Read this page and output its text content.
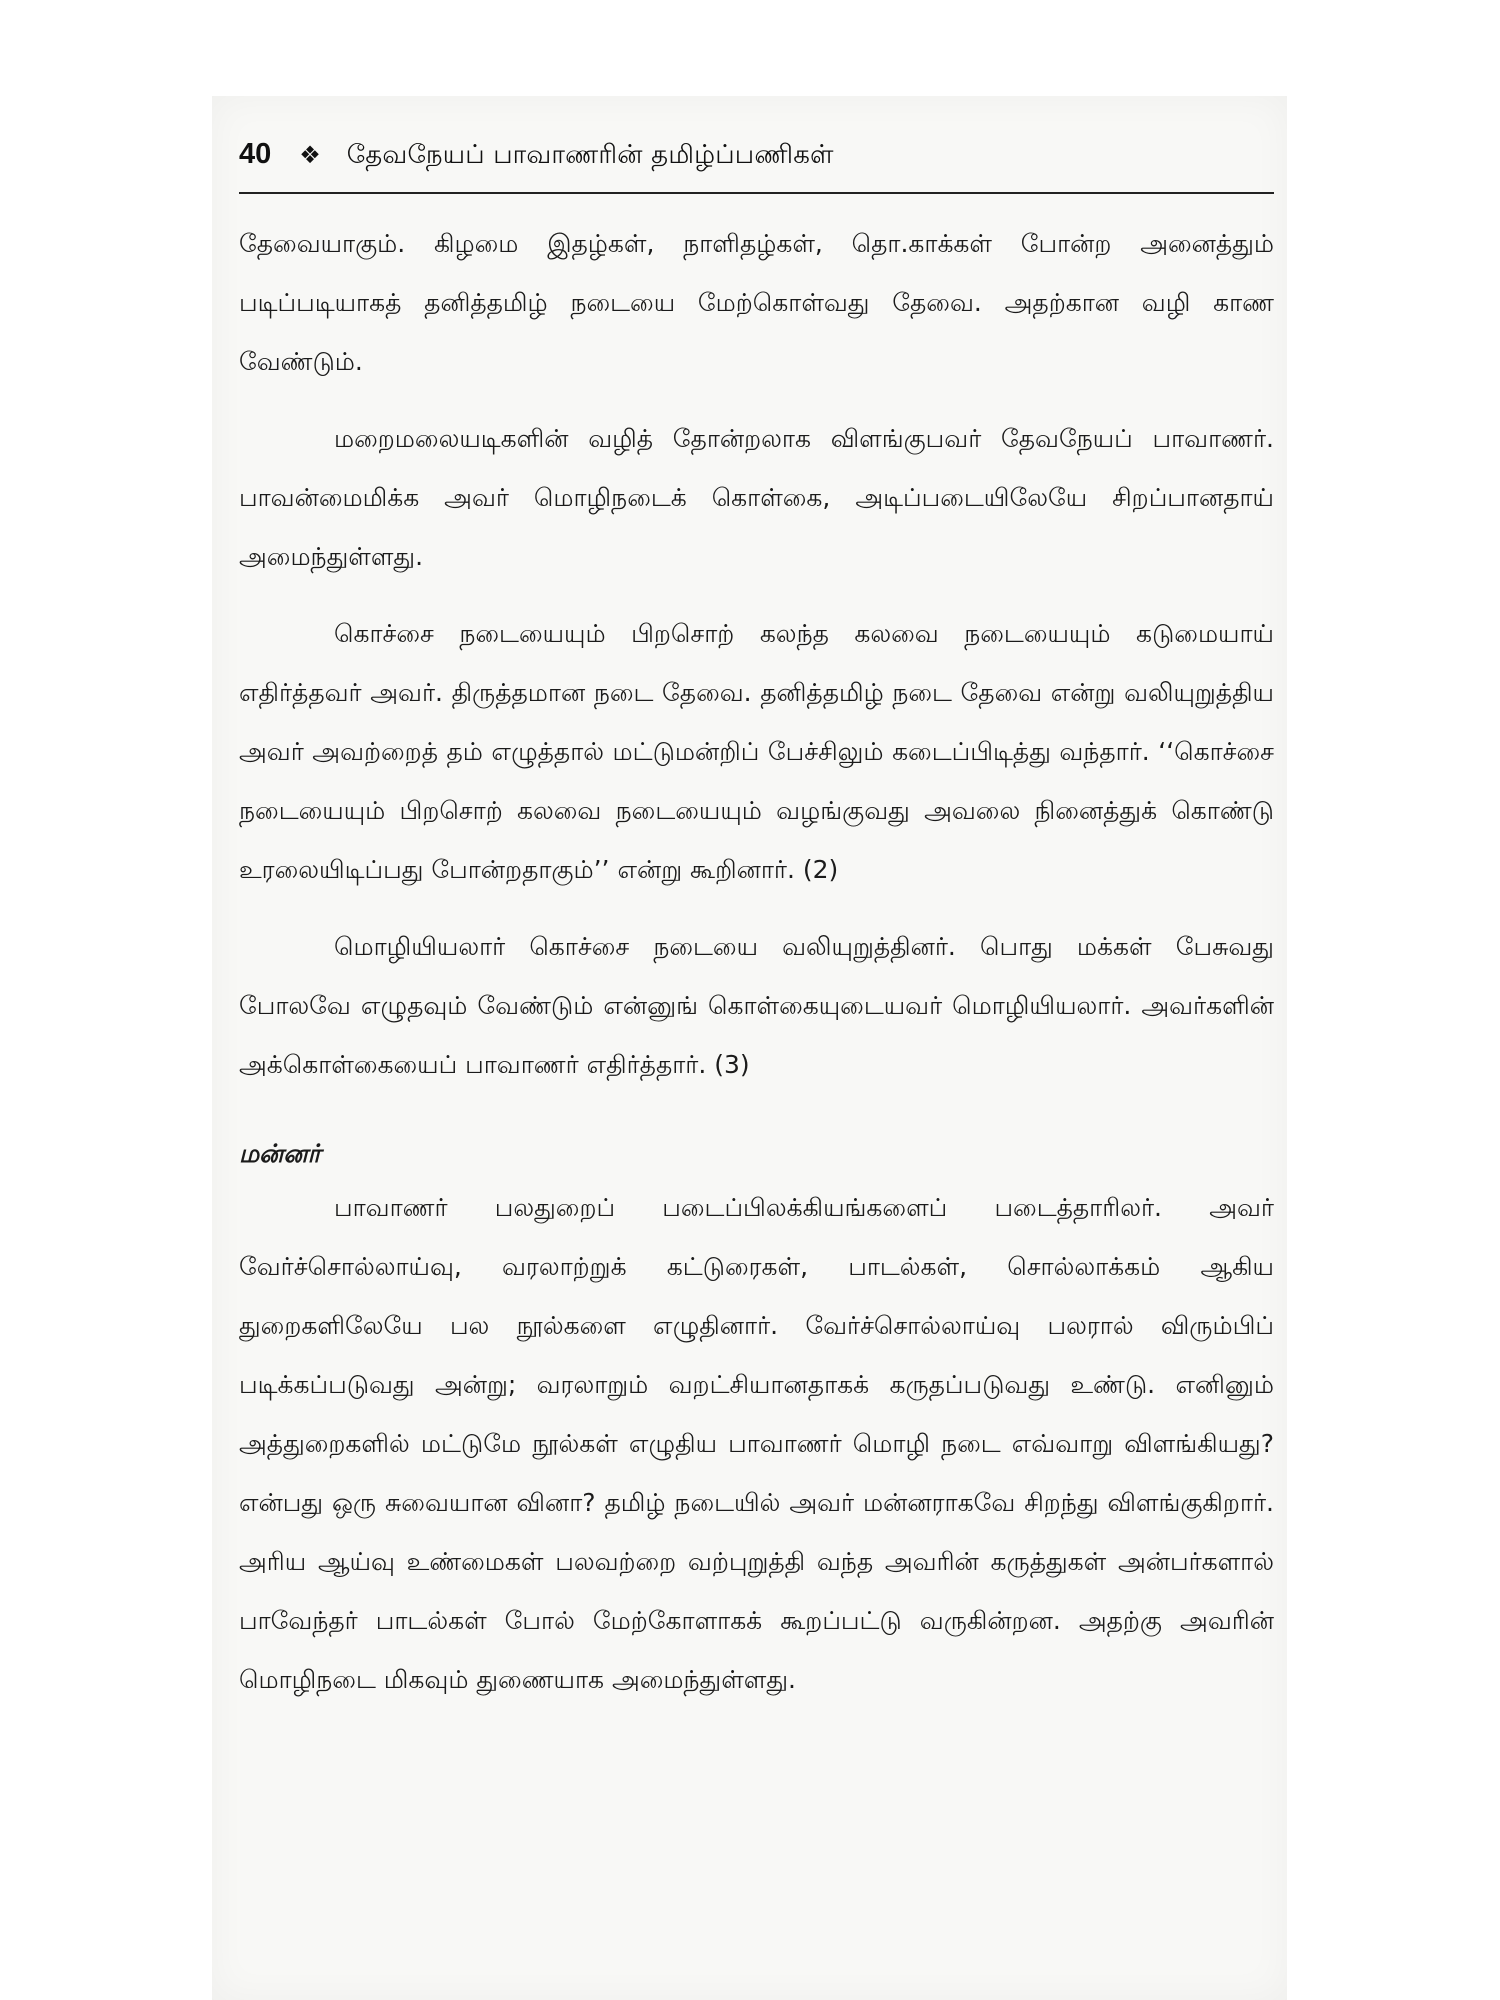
40 ❖ தேவநேயப் பாவாணரின் தமிழ்ப்பணிகள்

தேவையாகும். கிழமை இதழ்கள், நாளிதழ்கள், தொ.காக்கள் போன்ற அனைத்தும் படிப்படியாகத் தனித்தமிழ் நடையை மேற்கொள்வது தேவை. அதற்கான வழி காண வேண்டும்.

மறைமலையடிகளின் வழித் தோன்றலாக விளங்குபவர் தேவநேயப் பாவாணர். பாவன்மைமிக்க அவர் மொழிநடைக் கொள்கை, அடிப்படையிலேயே சிறப்பானதாய் அமைந்துள்ளது.

கொச்சை நடையையும் பிறசொற் கலந்த கலவை நடையையும் கடுமையாய் எதிர்த்தவர் அவர். திருத்தமான நடை தேவை. தனித்தமிழ் நடை தேவை என்று வலியுறுத்திய அவர் அவற்றைத் தம் எழுத்தால் மட்டுமன்றிப் பேச்சிலும் கடைப்பிடித்து வந்தார். ‘‘கொச்சை நடையையும் பிறசொற் கலவை நடையையும் வழங்குவது அவலை நினைத்துக் கொண்டு உரலையிடிப்பது போன்றதாகும்’’ என்று கூறினார். (2)

மொழியியலார் கொச்சை நடையை வலியுறுத்தினர். பொது மக்கள் பேசுவது போலவே எழுதவும் வேண்டும் என்னுங் கொள்கையுடையவர் மொழியியலார். அவர்களின் அக்கொள்கையைப் பாவாணர் எதிர்த்தார். (3)

மன்னர்

பாவாணர் பலதுறைப் படைப்பிலக்கியங்களைப் படைத்தாரிலர். அவர் வேர்ச்சொல்லாய்வு, வரலாற்றுக் கட்டுரைகள், பாடல்கள், சொல்லாக்கம் ஆகிய துறைகளிலேயே பல நூல்களை எழுதினார். வேர்ச்சொல்லாய்வு பலரால் விரும்பிப் படிக்கப்படுவது அன்று; வரலாறும் வறட்சியானதாகக் கருதப்படுவது உண்டு. எனினும் அத்துறைகளில் மட்டுமே நூல்கள் எழுதிய பாவாணர் மொழி நடை எவ்வாறு விளங்கியது? என்பது ஒரு சுவையான வினா? தமிழ் நடையில் அவர் மன்னராகவே சிறந்து விளங்குகிறார். அரிய ஆய்வு உண்மைகள் பலவற்றை வற்புறுத்தி வந்த அவரின் கருத்துகள் அன்பர்களால் பாவேந்தர் பாடல்கள் போல் மேற்கோளாகக் கூறப்பட்டு வருகின்றன. அதற்கு அவரின் மொழிநடை மிகவும் துணையாக அமைந்துள்ளது.
